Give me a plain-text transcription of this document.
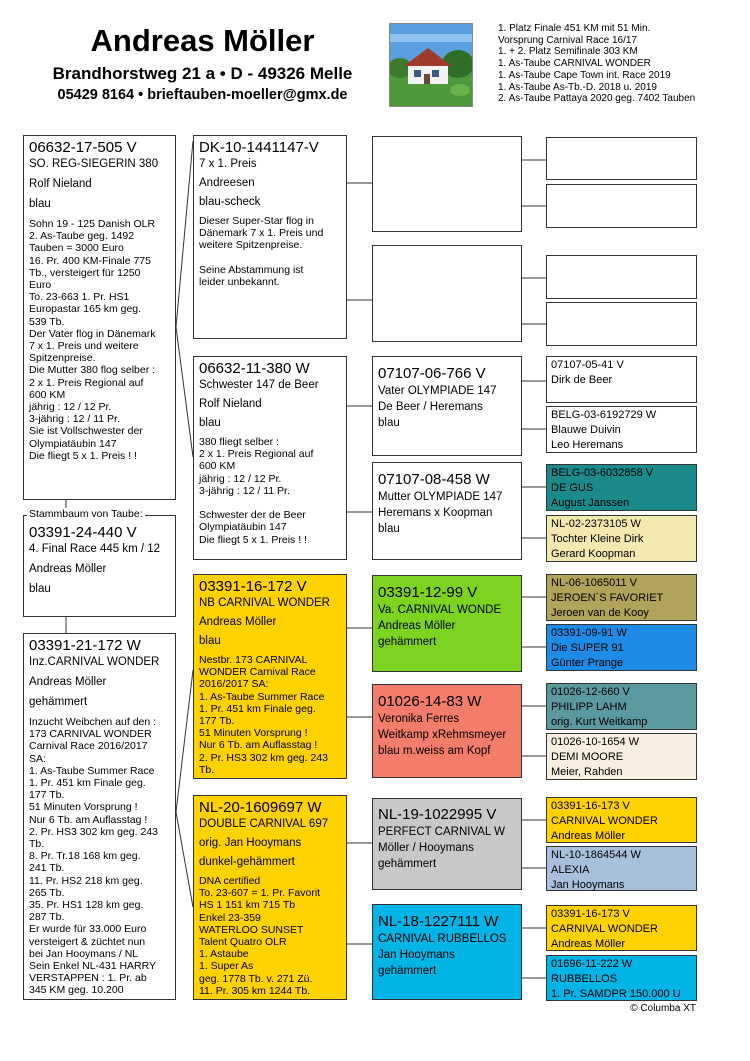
Andreas Möller
Brandhorstweg 21 a • D - 49326 Melle
05429 8164 • brieftauben-moeller@gmx.de
1. Platz Finale 451 KM mit 51 Min.
Vorsprung Carnival Race 16/17
1. + 2. Platz Semifinale 303 KM
1. As-Taube CARNIVAL WONDER
1. As-Taube Cape Town int. Race 2019
1. As-Taube As-Tb.-D. 2018 u. 2019
2. As-Taube Pattaya 2020 geg. 7402 Tauben
06632-17-505 V
SO. REG-SIEGERIN 380
Rolf Nieland
blau

Sohn 19 - 125 Danish OLR
2. As-Taube geg. 1492
Tauben = 3000 Euro
16. Pr. 400 KM-Finale 775
Tb., versteigert für 1250
Euro
To. 23-663 1. Pr. HS1
Europastar 165 km geg.
539 Tb.
Der Vater flog in Dänemark
7 x 1. Preis und weitere
Spitzenpreise.
Die Mutter 380 flog selber :
2 x 1. Preis Regional auf
600 KM
jährig : 12 / 12 Pr.
3-jährig : 12 / 11 Pr.
Sie ist Vollschwester der
Olympiatäubin 147
Die fliegt 5 x 1. Preis ! !

Stammbaum von Taube:
03391-24-440 V
4. Final Race 445 km / 12
Andreas Möller
blau
03391-21-172 W
Inz.CARNIVAL WONDER
Andreas Möller
gehämmert

Inzucht Weibchen auf den :
173 CARNIVAL WONDER
Carnival Race 2016/2017
SA:
1. As-Taube Summer Race
1. Pr. 451 km Finale geg.
177 Tb.
51 Minuten Vorsprung !
Nur 6 Tb. am Auflasstag !
2. Pr. HS3 302 km geg. 243
Tb.
8. Pr. Tr.18 168 km geg.
241 Tb.
11. Pr. HS2 218 km geg.
265 Tb.
35. Pr. HS1 128 km geg.
287 Tb.
Er wurde für 33.000 Euro
versteigert & züchtet nun
bei Jan Hooymans / NL
Sein Enkel NL-431 HARRY
VERSTAPPEN : 1. Pr. ab
345 KM geg. 10.200

DK-10-1441147-V
7 x 1. Preis
Andreesen
blau-scheck

Dieser Super-Star flog in
Dänemark 7 x 1. Preis und
weitere Spitzenpreise.

Seine Abstammung ist
leider unbekannt.

06632-11-380 W
Schwester 147 de Beer
Rolf Nieland
blau

380 fliegt selber :
2 x 1. Preis Regional auf
600 KM
jährig : 12 / 12 Pr.
3-jährig : 12 / 11 Pr.

Schwester der de Beer
Olympiatäubin 147
Die fliegt 5 x 1. Preis ! !

03391-16-172 V
NB CARNIVAL WONDER
Andreas Möller
blau

Nestbr. 173 CARNIVAL
WONDER Carnival Race
2016/2017 SA:
1. As-Taube Summer Race
1. Pr. 451 km Finale geg.
177 Tb.
51 Minuten Vorsprung !
Nur 6 Tb. am Auflasstag !
2. Pr. HS3 302 km geg. 243
Tb.

NL-20-1609697 W
DOUBLE CARNIVAL 697
orig. Jan Hooymans
dunkel-gehämmert

DNA certified
To. 23-607 = 1. Pr. Favorit
HS 1 151 km 715 Tb
Enkel 23-359
WATERLOO SUNSET
Talent Quatro OLR
1. Astaube
1. Super As
geg. 1778 Tb. v. 271 Zü.
11. Pr. 305 km 1244 Tb.

07107-06-766 V
Vater OLYMPIADE 147
De Beer / Heremans
blau
07107-08-458 W
Mutter OLYMPIADE 147
Heremans x Koopman
blau
03391-12-99 V
Va. CARNIVAL WONDE
Andreas Möller
gehämmert
01026-14-83 W
Veronika Ferres
Weitkamp xRehmsmeyer
blau m.weiss am Kopf
NL-19-1022995 V
PERFECT CARNIVAL W
Möller / Hooymans
gehämmert
NL-18-1227111 W
CARNIVAL RUBBELLOS
Jan Hooymans
gehämmert
07107-05-41 V
Dirk de Beer
BELG-03-6192729 W
Blauwe Duivin
Leo Heremans
BELG-03-6032858 V
DE GUS
August Janssen
NL-02-2373105 W
Tochter Kleine Dirk
Gerard Koopman
NL-06-1065011 V
JEROEN´S FAVORIET
Jeroen van de Kooy
03391-09-91 W
Die SUPER 91
Günter Prange
01026-12-660 V
PHILIPP LAHM
orig. Kurt Weitkamp
01026-10-1654 W
DEMI MOORE
Meier, Rahden
03391-16-173 V
CARNIVAL WONDER
Andreas Möller
NL-10-1864544 W
ALEXIA
Jan Hooymans
03391-16-173 V
CARNIVAL WONDER
Andreas Möller
01696-11-222 W
RUBBELLOS
1. Pr. SAMDPR 150.000 U
© Columba XT
